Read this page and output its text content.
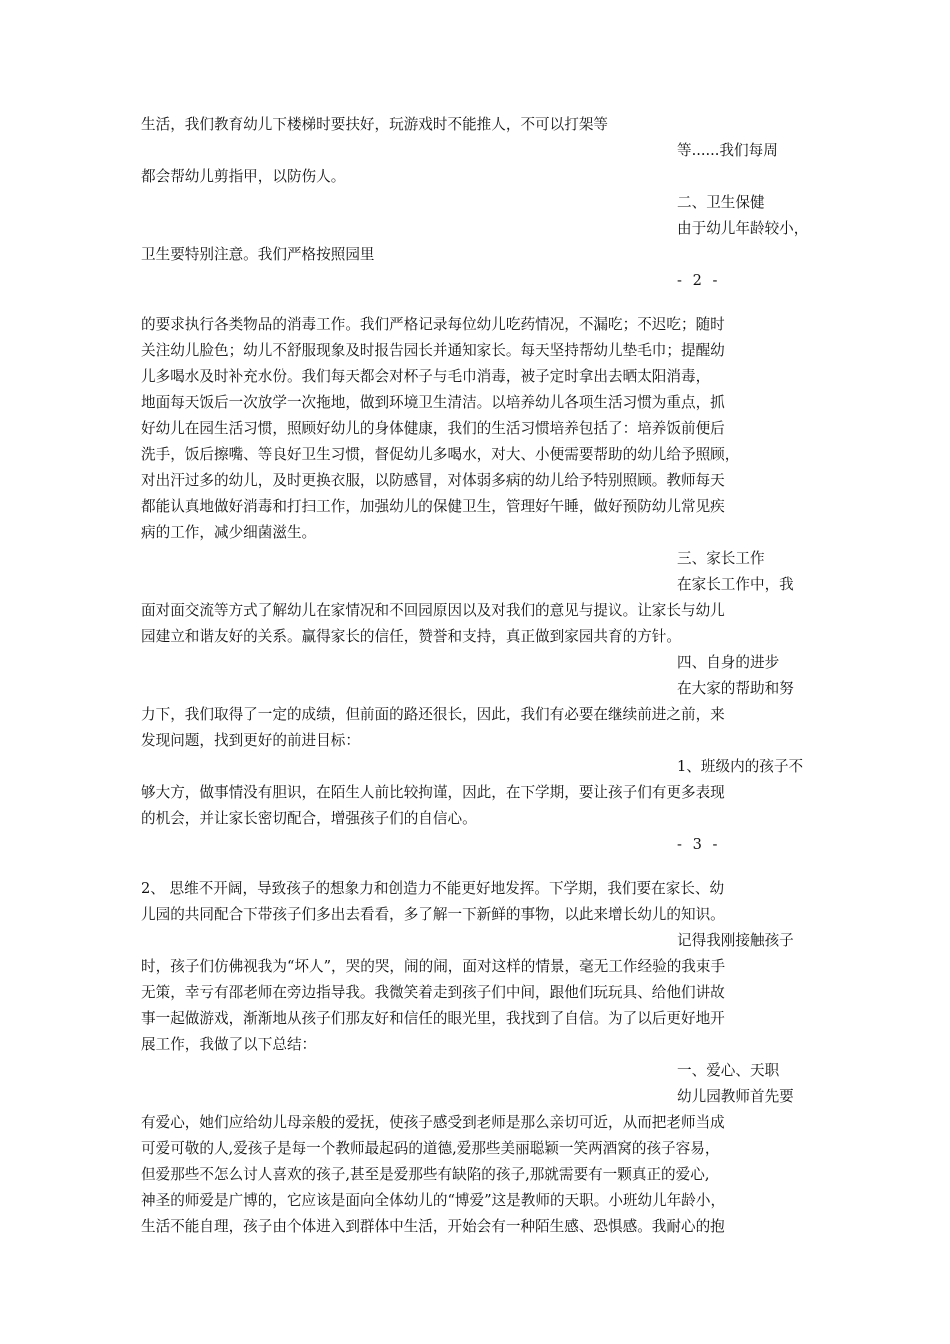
生活，我们教育幼儿下楼梯时要扶好，玩游戏时不能推人，不可以打架等
等......我们每周
都会帮幼儿剪指甲，以防伤人。
二、卫生保健
由于幼儿年龄较小，
卫生要特别注意。我们严格按照园里
- 2 -
的要求执行各类物品的消毒工作。我们严格记录每位幼儿吃药情况，不漏吃；不迟吃；随时
关注幼儿脸色；幼儿不舒服现象及时报告园长并通知家长。每天坚持帮幼儿垫毛巾；提醒幼
儿多喝水及时补充水份。我们每天都会对杯子与毛巾消毒，被子定时拿出去晒太阳消毒，
地面每天饭后一次放学一次拖地，做到环境卫生清洁。以培养幼儿各项生活习惯为重点，抓
好幼儿在园生活习惯，照顾好幼儿的身体健康，我们的生活习惯培养包括了：培养饭前便后
洗手，饭后擦嘴、等良好卫生习惯，督促幼儿多喝水，对大、小便需要帮助的幼儿给予照顾，
对出汗过多的幼儿，及时更换衣服，以防感冒，对体弱多病的幼儿给予特别照顾。教师每天
都能认真地做好消毒和打扫工作，加强幼儿的保健卫生，管理好午睡，做好预防幼儿常见疾
病的工作，减少细菌滋生。
三、家长工作
在家长工作中，我
面对面交流等方式了解幼儿在家情况和不回园原因以及对我们的意见与提议。让家长与幼儿
园建立和谐友好的关系。赢得家长的信任，赞誉和支持，真正做到家园共育的方针。
四、自身的进步
在大家的帮助和努
力下，我们取得了一定的成绩，但前面的路还很长，因此，我们有必要在继续前进之前，来
发现问题，找到更好的前进目标：
1、班级内的孩子不
够大方，做事情没有胆识，在陌生人前比较拘谨，因此，在下学期，要让孩子们有更多表现
的机会，并让家长密切配合，增强孩子们的自信心。
- 3 -
2、 思维不开阔，导致孩子的想象力和创造力不能更好地发挥。下学期，我们要在家长、幼
儿园的共同配合下带孩子们多出去看看，多了解一下新鲜的事物，以此来增长幼儿的知识。
记得我刚接触孩子
时，孩子们仿佛视我为“坏人”，哭的哭，闹的闹，面对这样的情景，毫无工作经验的我束手
无策，幸亏有邵老师在旁边指导我。我微笑着走到孩子们中间，跟他们玩玩具、给他们讲故
事一起做游戏，渐渐地从孩子们那友好和信任的眼光里，我找到了自信。为了以后更好地开
展工作，我做了以下总结：
一、爱心、天职
幼儿园教师首先要
有爱心，她们应给幼儿母亲般的爱抚，使孩子感受到老师是那么亲切可近，从而把老师当成
可爱可敬的人,爱孩子是每一个教师最起码的道德,爱那些美丽聪颖一笑两酒窝的孩子容易，
但爱那些不怎么讨人喜欢的孩子,甚至是爱那些有缺陷的孩子,那就需要有一颗真正的爱心,
神圣的师爱是广博的，它应该是面向全体幼儿的“博爱”这是教师的天职。小班幼儿年龄小，
生活不能自理，孩子由个体进入到群体中生活，开始会有一种陌生感、恐惧感。我耐心的抱
